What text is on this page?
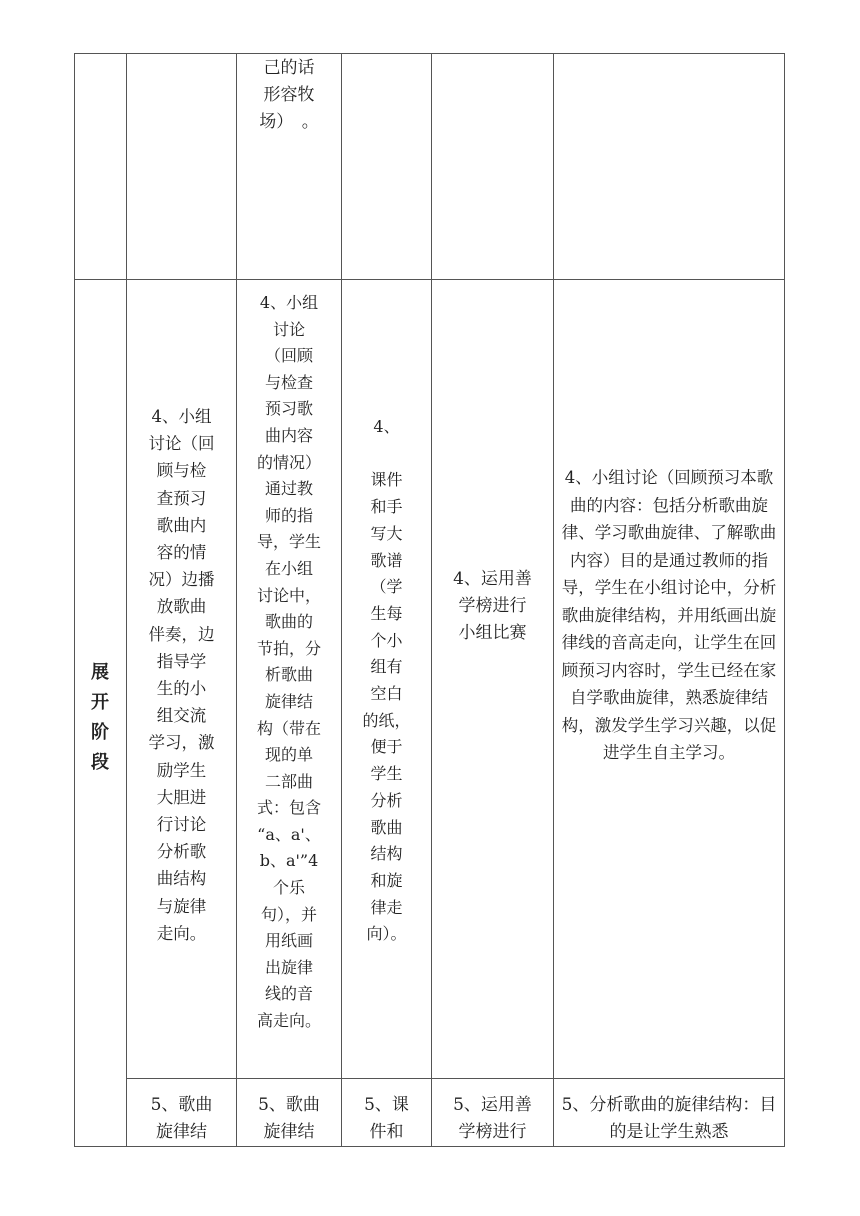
己的话
形容牧
场）　。
展
开
阶
段
4、小组
讨论（回
顾与检
查预习
歌曲内
容的情
况）边播
放歌曲
伴奏，边
指导学
生的小
组交流
学习，激
励学生
大胆进
行讨论
分析歌
曲结构
与旋律
走向。
4、小组
讨论
（回顾
与检查
预习歌
曲内容
的情况）
通过教
师的指
导，学生
在小组
讨论中，
歌曲的
节拍，分
析歌曲
旋律结
构（带在
现的单
二部曲
式：包含
“a、a'、
b、a'”4
个乐
句），并
用纸画
出旋律
线的音
高走向。
4、

课件
和手
写大
歌谱
（学
生每
个小
组有
空白
的纸，
便于
学生
分析
歌曲
结构
和旋
律走
向）。
4、运用善
学榜进行
小组比赛
4、小组讨论（回顾预习本歌曲的内容：包括分析歌曲旋律、学习歌曲旋律、了解歌曲内容）目的是通过教师的指导，学生在小组讨论中，分析歌曲旋律结构，并用纸画出旋律线的音高走向，让学生在回顾预习内容时，学生已经在家自学歌曲旋律，熟悉旋律结构，激发学生学习兴趣，以促进学生自主学习。
5、歌曲
旋律结
5、歌曲
旋律结
5、课
件和
5、运用善
学榜进行
5、分析歌曲的旋律结构：目的是让学生熟悉
